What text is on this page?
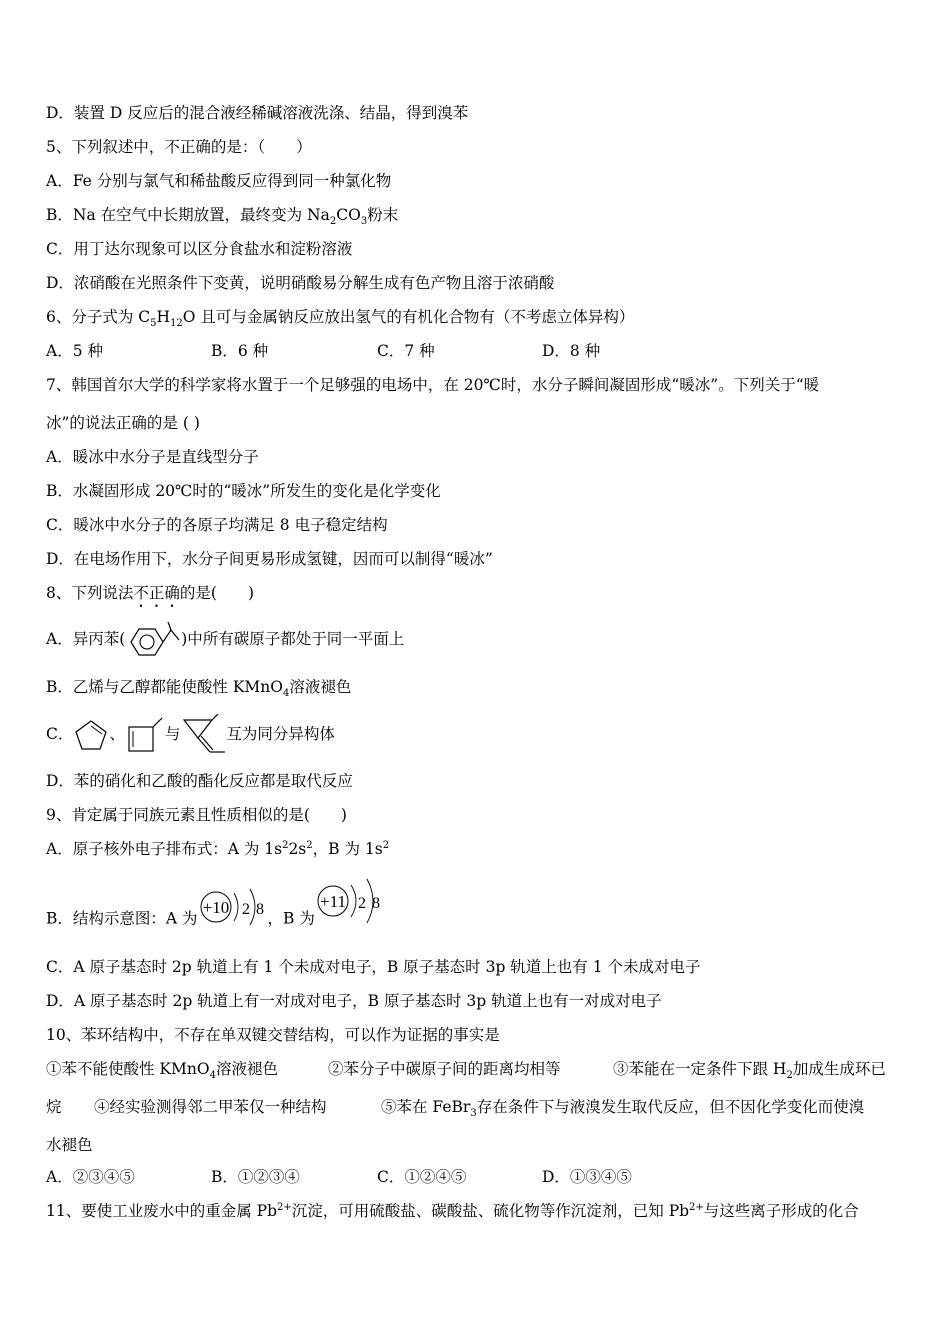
D．装置 D 反应后的混合液经稀碱溶液洗涤、结晶，得到溴苯
5、下列叙述中，不正确的是：（　　）
A．Fe 分别与氯气和稀盐酸反应得到同一种氯化物
B．Na 在空气中长期放置，最终变为 $Na_2CO_3$粉末
C．用丁达尔现象可以区分食盐水和淀粉溶液
D．浓硝酸在光照条件下变黄，说明硝酸易分解生成有色产物且溶于浓硝酸
6、分子式为 $C_5H_{12}O$ 且可与金属钠反应放出氢气的有机化合物有（不考虑立体异构）
A．5 种	B．6 种	C．7 种	D．8 种
7、韩国首尔大学的科学家将水置于一个足够强的电场中，在 20℃时，水分子瞬间凝固形成“暖冰”。下列关于“暖
冰”的说法正确的是 ( )
A．暖冰中水分子是直线型分子
B．水凝固形成 20℃时的“暖冰”所发生的变化是化学变化
C．暖冰中水分子的各原子均满足 8 电子稳定结构
D．在电场作用下，水分子间更易形成氢键，因而可以制得“暖冰”
8、下列说法不正确的是(　　)
A．异丙苯(	)中所有碳原子都处于同一平面上
B．乙烯与乙醇都能使酸性 KMnO$_4$溶液褪色
C． 、	与	互为同分异构体
D．苯的硝化和乙酸的酯化反应都是取代反应
9、肯定属于同族元素且性质相似的是(　　)
A．原子核外电子排布式：A 为 $1s^22s^2$，B 为 $1s^2$
B．结构示意图：A 为
+10 2 8 ，B 为
+11 2 8
C．A 原子基态时 2p 轨道上有 1 个未成对电子，B 原子基态时 3p 轨道上也有 1 个未成对电子
D．A 原子基态时 2p 轨道上有一对成对电子，B 原子基态时 3p 轨道上也有一对成对电子
10、苯环结构中，不存在单双键交替结构，可以作为证据的事实是
①苯不能使酸性 KMnO$_4$溶液褪色	②苯分子中碳原子间的距离均相等	③苯能在一定条件下跟 $H_2$加成生成环已
烷 ④经实验测得邻二甲苯仅一种结构	⑤苯在 FeBr$_3$存在条件下与液溴发生取代反应，但不因化学变化而使溴
水褪色
A．②③④⑤	B．①②③④	C．①②④⑤	D．①③④⑤
11、要使工业废水中的重金属 $Pb^{2+}$沉淀，可用硫酸盐、碳酸盐、硫化物等作沉淀剂，已知 $Pb^{2+}$与这些离子形成的化合
